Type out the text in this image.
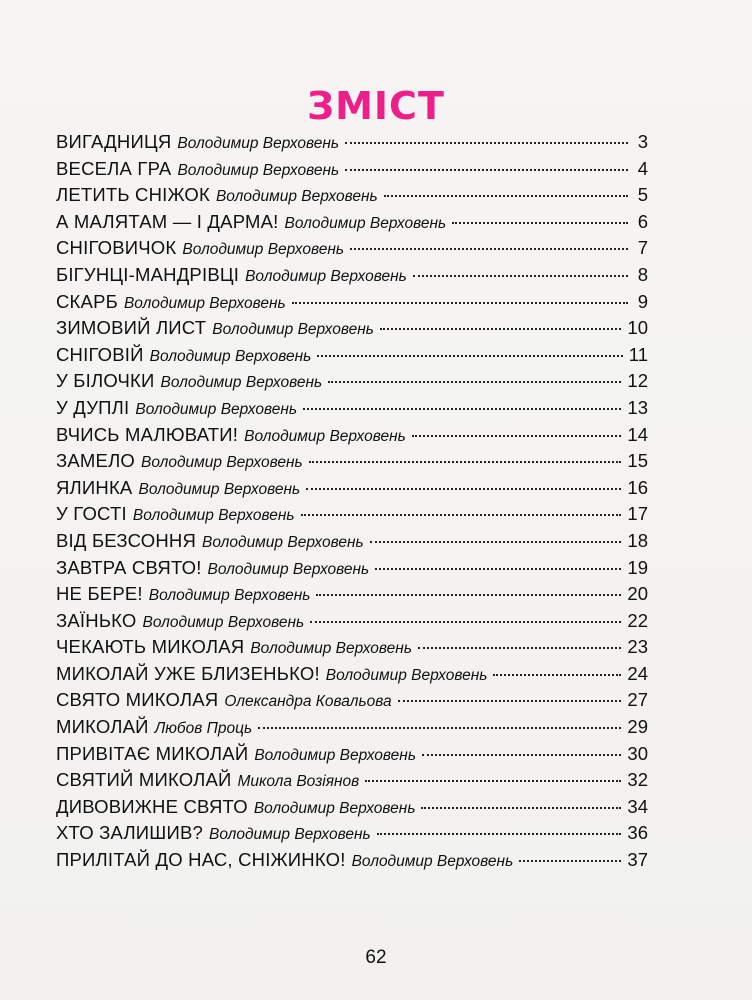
ЗМІСТ
ВИГАДНИЦЯ Володимир Верховень	3
ВЕСЕЛА ГРА Володимир Верховень	4
ЛЕТИТЬ СНІЖОК Володимир Верховень	5
А МАЛЯТАМ — І ДАРМА! Володимир Верховень	6
СНІГОВИЧОК Володимир Верховень	7
БІГУНЦІ-МАНДРІВЦІ Володимир Верховень	8
СКАРБ Володимир Верховень	9
ЗИМОВИЙ ЛИСТ Володимир Верховень	10
СНІГОВІЙ Володимир Верховень	11
У БІЛОЧКИ Володимир Верховень	12
У ДУПЛІ Володимир Верховень	13
ВЧИСЬ МАЛЮВАТИ! Володимир Верховень	14
ЗАМЕЛО Володимир Верховень	15
ЯЛИНКА Володимир Верховень	16
У ГОСТІ Володимир Верховень	17
ВІД БЕЗСОННЯ Володимир Верховень	18
ЗАВТРА СВЯТО! Володимир Верховень	19
НЕ БЕРЕ! Володимир Верховень	20
ЗАЇНЬКО Володимир Верховень	22
ЧЕКАЮТЬ МИКОЛАЯ Володимир Верховень	23
МИКОЛАЙ УЖЕ БЛИЗЕНЬКО! Володимир Верховень	24
СВЯТО МИКОЛАЯ Олександра Ковальова	27
МИКОЛАЙ Любов Проць	29
ПРИВІТАЄ МИКОЛАЙ Володимир Верховень	30
СВЯТИЙ МИКОЛАЙ Микола Возіянов	32
ДИВОВИЖНЕ СВЯТО Володимир Верховень	34
ХТО ЗАЛИШИВ? Володимир Верховень	36
ПРИЛІТАЙ ДО НАС, СНІЖИНКО! Володимир Верховень	37
62
